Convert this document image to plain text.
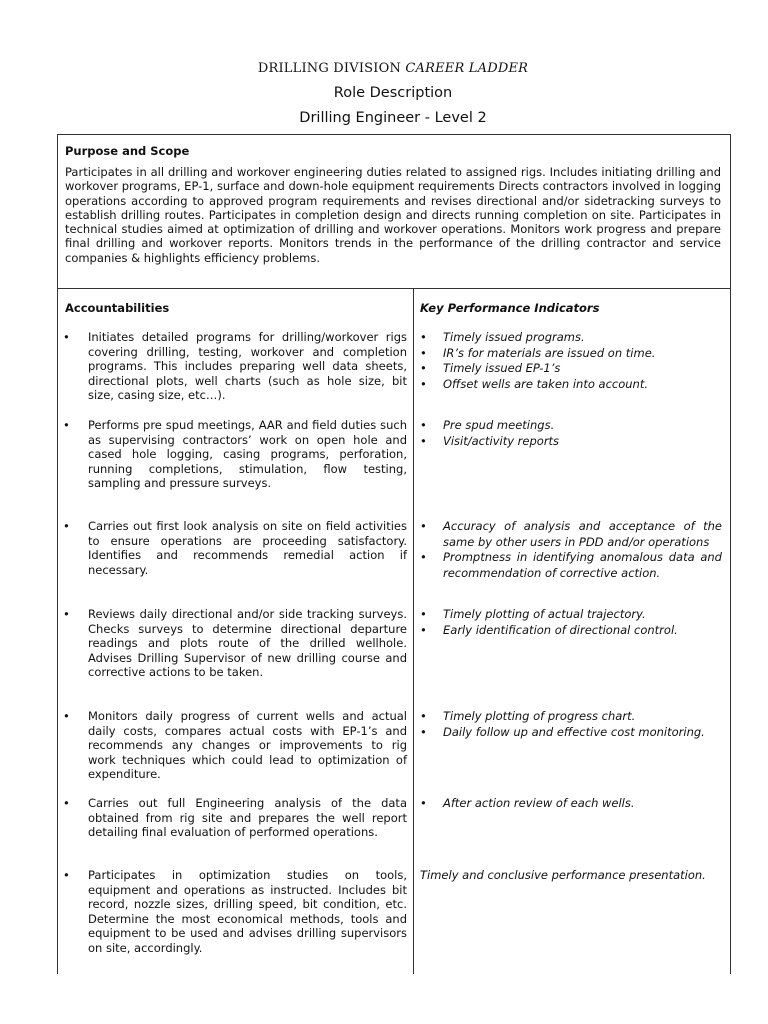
DRILLING DIVISION CAREER LADDER
Role Description
Drilling Engineer - Level 2
Purpose and Scope

Participates in all drilling and workover engineering duties related to assigned rigs. Includes initiating drilling and workover programs, EP-1, surface and down-hole equipment requirements Directs contractors involved in logging operations according to approved program requirements and revises directional and/or sidetracking surveys to establish drilling routes. Participates in completion design and directs running completion on site. Participates in technical studies aimed at optimization of drilling and workover operations. Monitors work progress and prepare final drilling and workover reports. Monitors trends in the performance of the drilling contractor and service companies & highlights efficiency problems.

Accountabilities	Key Performance Indicators
• Initiates detailed programs for drilling/workover rigs covering drilling, testing, workover and completion programs. This includes preparing well data sheets, directional plots, well charts (such as hole size, bit size, casing size, etc…).
• Timely issued programs.
• IR’s for materials are issued on time.
• Timely issued EP-1’s
• Offset wells are taken into account.
• Performs pre spud meetings, AAR and field duties such as supervising contractors’ work on open hole and cased hole logging, casing programs, perforation, running completions, stimulation, flow testing, sampling and pressure surveys.
• Pre spud meetings.
• Visit/activity reports
• Carries out first look analysis on site on field activities to ensure operations are proceeding satisfactory. Identifies and recommends remedial action if necessary.
• Accuracy of analysis and acceptance of the same by other users in PDD and/or operations
• Promptness in identifying anomalous data and recommendation of corrective action.
• Reviews daily directional and/or side tracking surveys. Checks surveys to determine directional departure readings and plots route of the drilled wellhole. Advises Drilling Supervisor of new drilling course and corrective actions to be taken.
• Timely plotting of actual trajectory.
• Early identification of directional control.
• Monitors daily progress of current wells and actual daily costs, compares actual costs with EP-1’s and recommends any changes or improvements to rig work techniques which could lead to optimization of expenditure.
• Timely plotting of progress chart.
• Daily follow up and effective cost monitoring.
• Carries out full Engineering analysis of the data obtained from rig site and prepares the well report detailing final evaluation of performed operations.
• After action review of each wells.
• Participates in optimization studies on tools, equipment and operations as instructed. Includes bit record, nozzle sizes, drilling speed, bit condition, etc. Determine the most economical methods, tools and equipment to be used and advises drilling supervisors on site, accordingly.
Timely and conclusive performance presentation.
